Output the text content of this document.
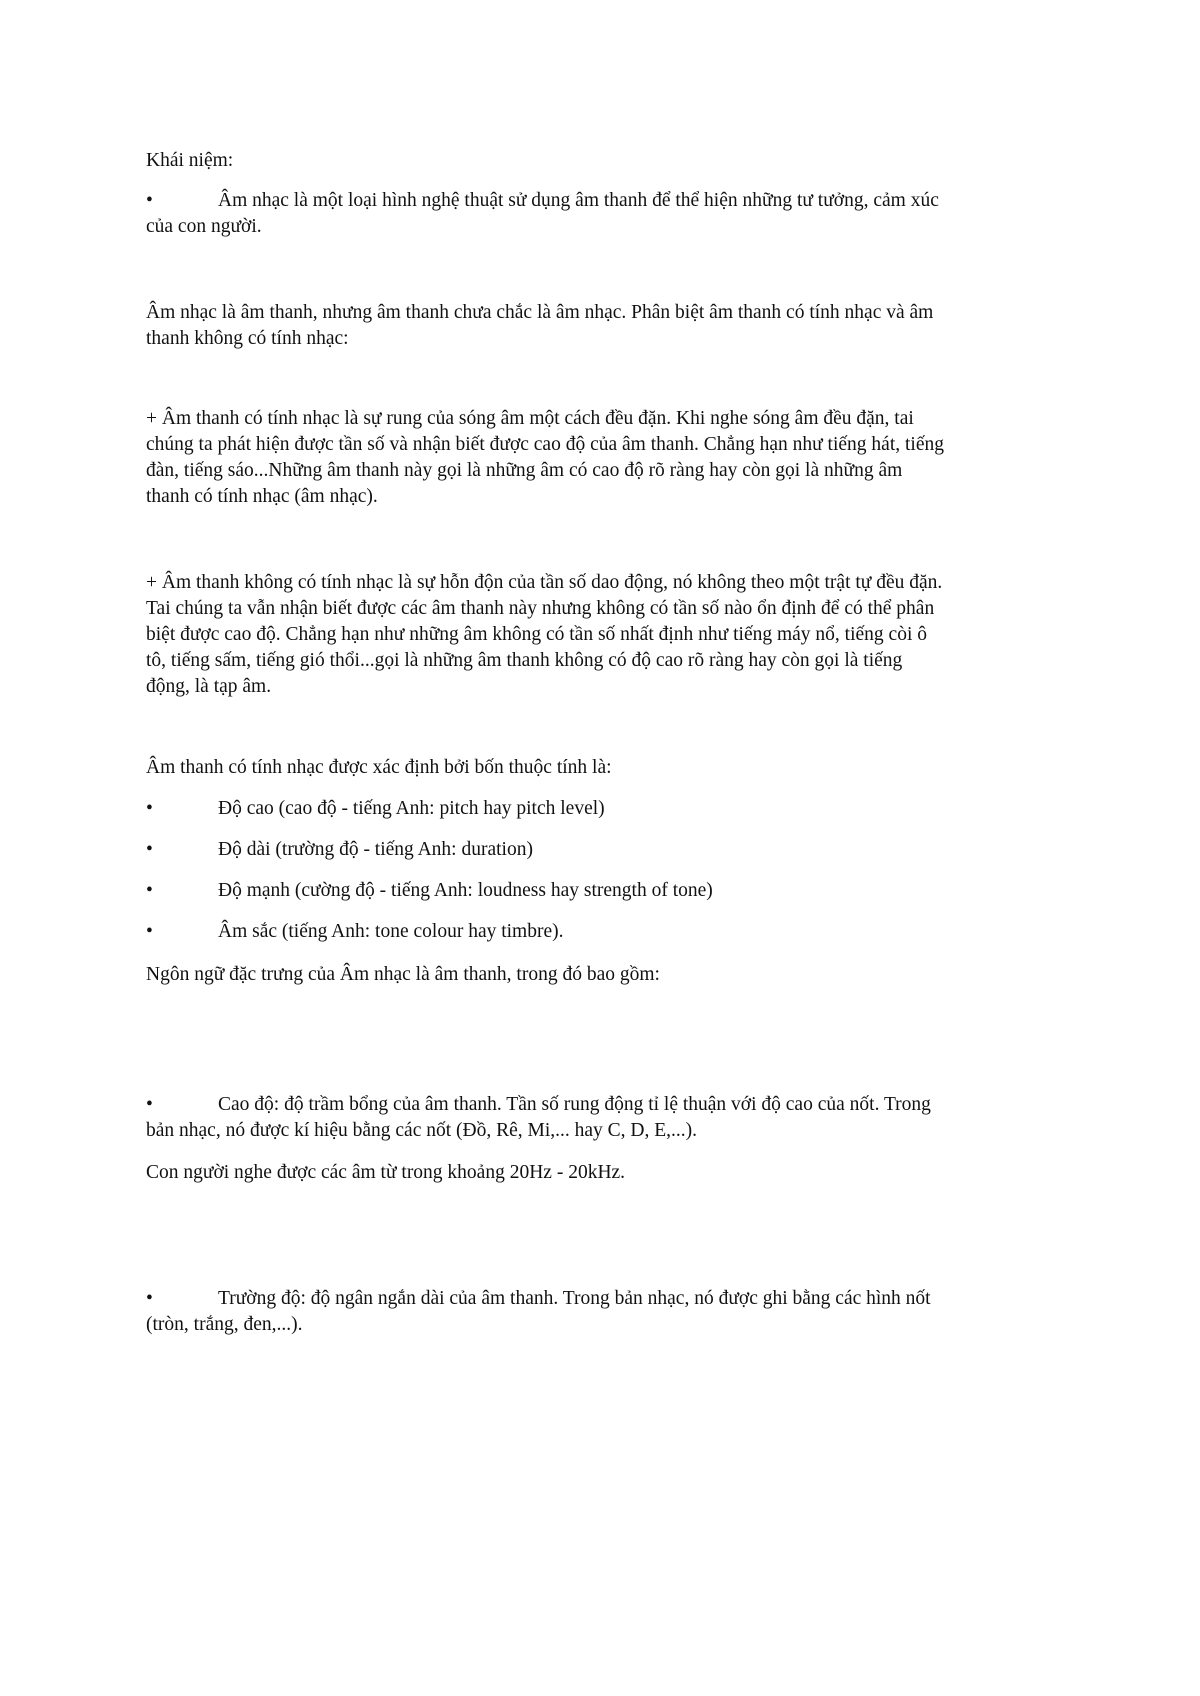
Khái niệm:
•	Âm nhạc là một loại hình nghệ thuật sử dụng âm thanh để thể hiện những tư tưởng, cảm xúc
của con người.
Âm nhạc là âm thanh, nhưng âm thanh chưa chắc là âm nhạc. Phân biệt âm thanh có tính nhạc và âm
thanh không có tính nhạc:
+ Âm thanh có tính nhạc là sự rung của sóng âm một cách đều đặn. Khi nghe sóng âm đều đặn, tai
chúng ta phát hiện được tần số và nhận biết được cao độ của âm thanh. Chẳng hạn như tiếng hát, tiếng
đàn, tiếng sáo...Những âm thanh này gọi là những âm có cao độ rõ ràng hay còn gọi là những âm
thanh có tính nhạc (âm nhạc).
+ Âm thanh không có tính nhạc là sự hỗn độn của tần số dao động, nó không theo một trật tự đều đặn.
Tai chúng ta vẫn nhận biết được các âm thanh này nhưng không có tần số nào ổn định để có thể phân
biệt được cao độ. Chẳng hạn như những âm không có tần số nhất định như tiếng máy nổ, tiếng còi ô
tô, tiếng sấm, tiếng gió thổi...gọi là những âm thanh không có độ cao rõ ràng hay còn gọi là tiếng
động, là tạp âm.
Âm thanh có tính nhạc được xác định bởi bốn thuộc tính là:
•	Độ cao (cao độ - tiếng Anh: pitch hay pitch level)
•	Độ dài (trường độ - tiếng Anh: duration)
•	Độ mạnh (cường độ - tiếng Anh: loudness hay strength of tone)
•	Âm sắc (tiếng Anh: tone colour hay timbre).
Ngôn ngữ đặc trưng của Âm nhạc là âm thanh, trong đó bao gồm:
•	Cao độ: độ trầm bổng của âm thanh. Tần số rung động tỉ lệ thuận với độ cao của nốt. Trong
bản nhạc, nó được kí hiệu bằng các nốt (Đồ, Rê, Mi,... hay C, D, E,...).
Con người nghe được các âm từ trong khoảng 20Hz - 20kHz.
•	Trường độ: độ ngân ngắn dài của âm thanh. Trong bản nhạc, nó được ghi bằng các hình nốt
(tròn, trắng, đen,...).
